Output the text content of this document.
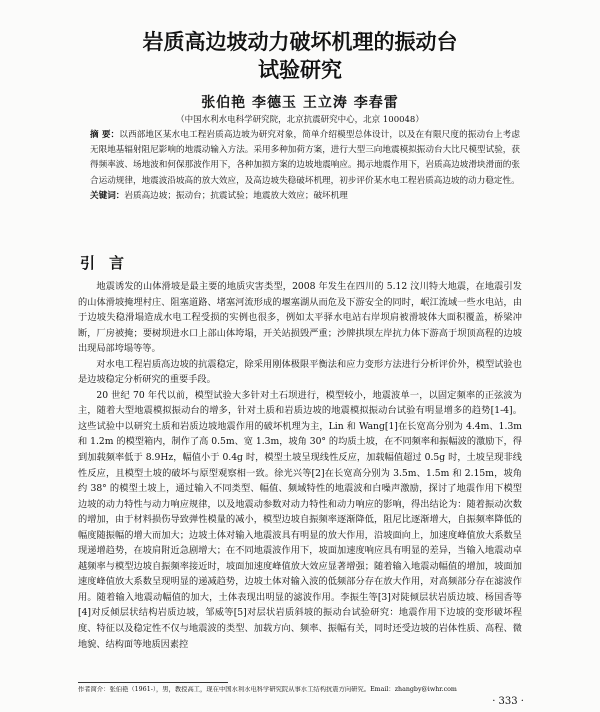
岩质高边坡动力破坏机理的振动台
试验研究
张伯艳 李德玉 王立涛 李春雷
（中国水利水电科学研究院，北京抗震研究中心，北京 100048）

摘 要：以西部地区某水电工程岩质高边坡为研究对象，简单介绍模型总体设计，以及在有限尺度的振动台上考虑无限地基辐射阻尼影响的地震动输入方法。采用多种加荷方案，进行大型三向地震模拟振动台大比尺模型试验，获得频率波、场地波和何保那波作用下，各种加损方案的边坡地震响应。揭示地震作用下，岩质高边坡滑块滑面的张合运动规律，地震波沿坡高的放大效应，及高边坡失稳破坏机理，初步评价某水电工程岩质高边坡的动力稳定性。

关键词：岩质高边坡；振动台；抗震试验；地震放大效应；破坏机理

引言

地震诱发的山体滑坡是最主要的地质灾害类型，2008 年发生在四川的 5.12 汶川特大地震，在地震引发的山体滑坡掩埋村庄、阻塞道路、堵塞河流形成的堰塞湖从而危及下游安全的同时，岷江流域一些水电站，由于边坡失稳滑塌造成水电工程受损的实例也很多，例如太平驿水电站右岸坝肩被滑坡体大面积覆盖，桥梁冲断，厂房被掩；要树坝进水口上部山体垮塌，开关站损毁严重；沙牌拱坝左岸抗力体下游高于坝顶高程的边坡出现局部垮塌等等。

对水电工程岩质高边坡的抗震稳定，除采用刚体极限平衡法和应力变形方法进行分析评价外，模型试验也是边坡稳定分析研究的重要手段。

20 世纪 70 年代以前，模型试验大多针对土石坝进行，模型较小，地震波单一，以固定频率的正弦波为主，随着大型地震模拟振动台的增多，针对土质和岩质边坡的地震模拟振动台试验有明显增多的趋势[1-4]。这些试验中以研究土质和岩质边坡地震作用的破坏机理为主，Lin 和 Wang[1]在长宽高分别为 4.4m、1.3m 和 1.2m 的模型箱内，制作了高 0.5m、宽 1.3m，坡角 30° 的均质土坡，在不同频率和振幅波的激励下，得到加载频率低于 8.9Hz，幅值小于 0.4g 时，模型土坡呈现线性反应，加载幅值超过 0.5g 时，土坡呈现非线性反应，且模型土坡的破坏与原型观察相一致。徐光兴等[2]在长宽高分别为 3.5m、1.5m 和 2.15m，坡角约 38° 的模型土坡上，通过输入不同类型、幅值、频域特性的地震波和白噪声激励，探讨了地震作用下模型边坡的动力特性与动力响应规律，以及地震动参数对动力特性和动力响应的影响，得出结论为：随着振动次数的增加，由于材料损伤导致弹性模量的减小，模型边坡自振频率逐渐降低，阻尼比逐渐增大，自振频率降低的幅度随振幅的增大而加大；边坡土体对输入地震波具有明显的放大作用，沿坡面向上，加速度峰值放大系数呈现递增趋势，在坡肩附近急剧增大；在不同地震波作用下，坡面加速度响应具有明显的差异，当输入地震动卓越频率与模型边坡自振频率接近时，坡面加速度峰值放大效应显著增强；随着输入地震动幅值的增加，坡面加速度峰值放大系数呈现明显的递减趋势，边坡土体对输入波的低频部分存在放大作用，对高频部分存在滤波作用。随着输入地震动幅值的加大，土体表现出明显的滤波作用。李振生等[3]对陡倾层状岩质边坡、杨国香等[4]对反倾层状结构岩质边坡，邹威等[5]对层状岩质斜坡的振动台试验研究：地震作用下边坡的变形破坏程度、特征以及稳定性不仅与地震波的类型、加载方向、频率、振幅有关，同时还受边坡的岩体性质、高程、微地貌、结构面等地质因素控

作者简介：张伯艳（1961-），男，教授高工，现在中国水利水电科学研究院从事水工结构抗震方向研究。Email：zhangby@iwhr.com
· 333 ·
